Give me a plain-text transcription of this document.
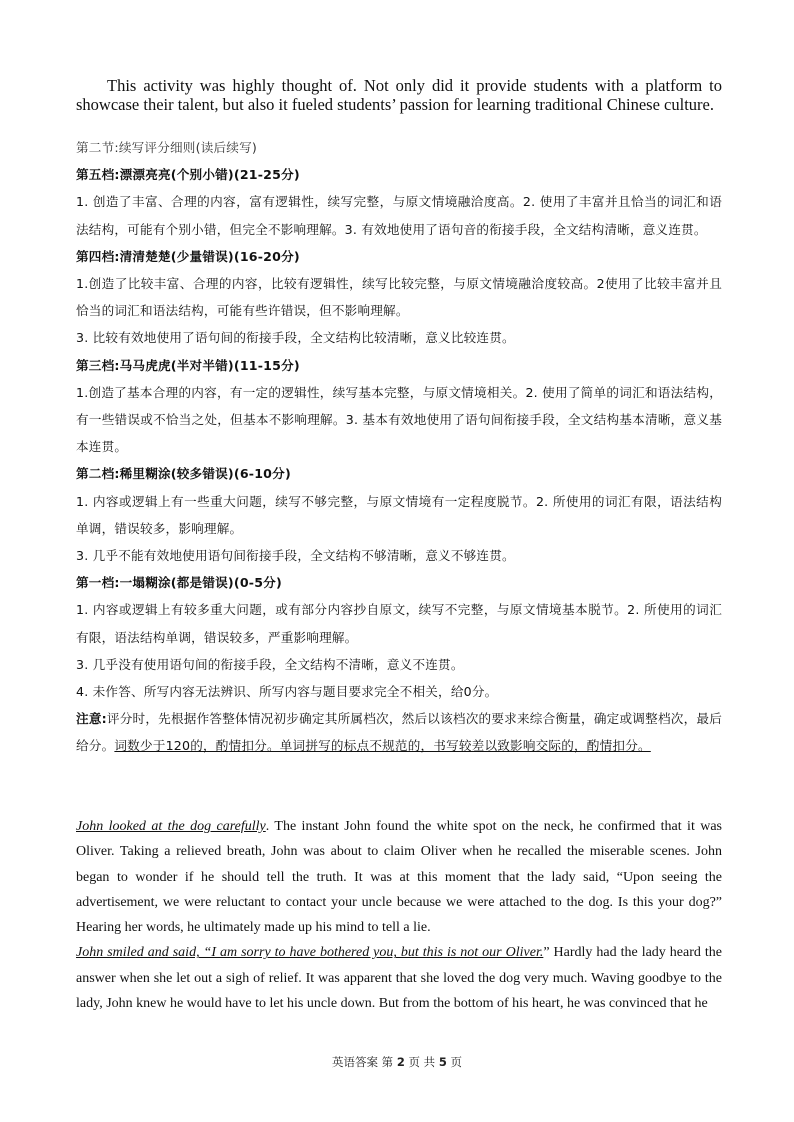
This activity was highly thought of. Not only did it provide students with a platform to showcase their talent, but also it fueled students’ passion for learning traditional Chinese culture.

第二节:续写评分细则(读后续写)

第五档:漂漂亮亮(个别小错)(21-25分)

1. 创造了丰富、合理的内容，富有逻辑性，续写完整，与原文情境融洽度高。2. 使用了丰富并且恰当的词汇和语法结构，可能有个别小错，但完全不影响理解。3. 有效地使用了语句音的衔接手段，全文结构清晰，意义连贯。

第四档:清清楚楚(少量错误)(16-20分)

1.创造了比较丰富、合理的内容，比较有逻辑性，续写比较完整，与原文情境融洽度较高。2使用了比较丰富并且恰当的词汇和语法结构，可能有些许错误，但不影响理解。

3. 比较有效地使用了语句间的衔接手段，全文结构比较清晰，意义比较连贯。

第三档:马马虎虎(半对半错)(11-15分)

1.创造了基本合理的内容，有一定的逻辑性，续写基本完整，与原文情境相关。2. 使用了简单的词汇和语法结构，有一些错误或不恰当之处，但基本不影响理解。3. 基本有效地使用了语句间衔接手段，全文结构基本清晰，意义基本连贯。

第二档:稀里糊涂(较多错误)(6-10分)

1. 内容或逻辑上有一些重大问题，续写不够完整，与原文情境有一定程度脱节。2. 所使用的词汇有限，语法结构单调，错误较多，影响理解。

3. 几乎不能有效地使用语句间衔接手段，全文结构不够清晰，意义不够连贯。

第一档:一塌糊涂(都是错误)(0-5分)

1. 内容或逻辑上有较多重大问题，或有部分内容抄自原文，续写不完整，与原文情境基本脱节。2. 所使用的词汇有限，语法结构单调，错误较多，严重影响理解。

3. 几乎没有使用语句间的衔接手段，全文结构不清晰，意义不连贯。

4. 未作答、所写内容无法辨识、所写内容与题目要求完全不相关，给0分。

注意:评分时，先根据作答整体情况初步确定其所属档次，然后以该档次的要求来综合衡量，确定或调整档次，最后给分。词数少于120的，酌情扣分。单词拼写的标点不规范的，书写较差以致影响交际的，酌情扣分。

John looked at the dog carefully. The instant John found the white spot on the neck, he confirmed that it was Oliver. Taking a relieved breath, John was about to claim Oliver when he recalled the miserable scenes. John began to wonder if he should tell the truth. It was at this moment that the lady said, “Upon seeing the advertisement, we were reluctant to contact your uncle because we were attached to the dog. Is this your dog?” Hearing her words, he ultimately made up his mind to tell a lie.

John smiled and said, “I am sorry to have bothered you, but this is not our Oliver.” Hardly had the lady heard the answer when she let out a sigh of relief. It was apparent that she loved the dog very much. Waving goodbye to the lady, John knew he would have to let his uncle down. But from the bottom of his heart, he was convinced that he

英语答案 第 2 页 共 5 页
